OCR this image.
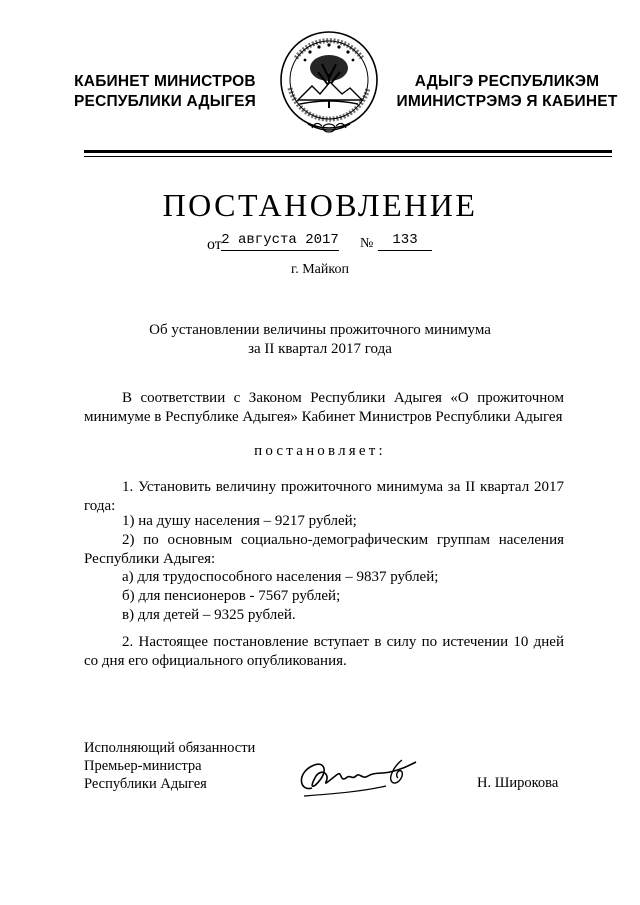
КАБИНЕТ МИНИСТРОВ
РЕСПУБЛИКИ АДЫГЕЯ
АДЫГЭ РЕСПУБЛИКЭМ
ИМИНИСТРЭМЭ Я КАБИНЕТ
ПОСТАНОВЛЕНИЕ
от 2 августа 2017 №	133
г. Майкоп
Об установлении величины прожиточного минимума
за II квартал 2017 года
В соответствии с Законом Республики Адыгея «О прожиточном минимуме в Республике Адыгея» Кабинет Министров Республики Адыгея
постановляет:
1. Установить величину прожиточного минимума за II квартал 2017 года:
1) на душу населения – 9217 рублей;
2) по основным социально-демографическим группам населения Республики Адыгея:
а) для трудоспособного населения – 9837 рублей;
б) для пенсионеров - 7567 рублей;
в) для детей – 9325 рублей.
2. Настоящее постановление вступает в силу по истечении 10 дней со дня его официального опубликования.
Исполняющий обязанности
Премьер-министра
Республики Адыгея	Н. Широкова
